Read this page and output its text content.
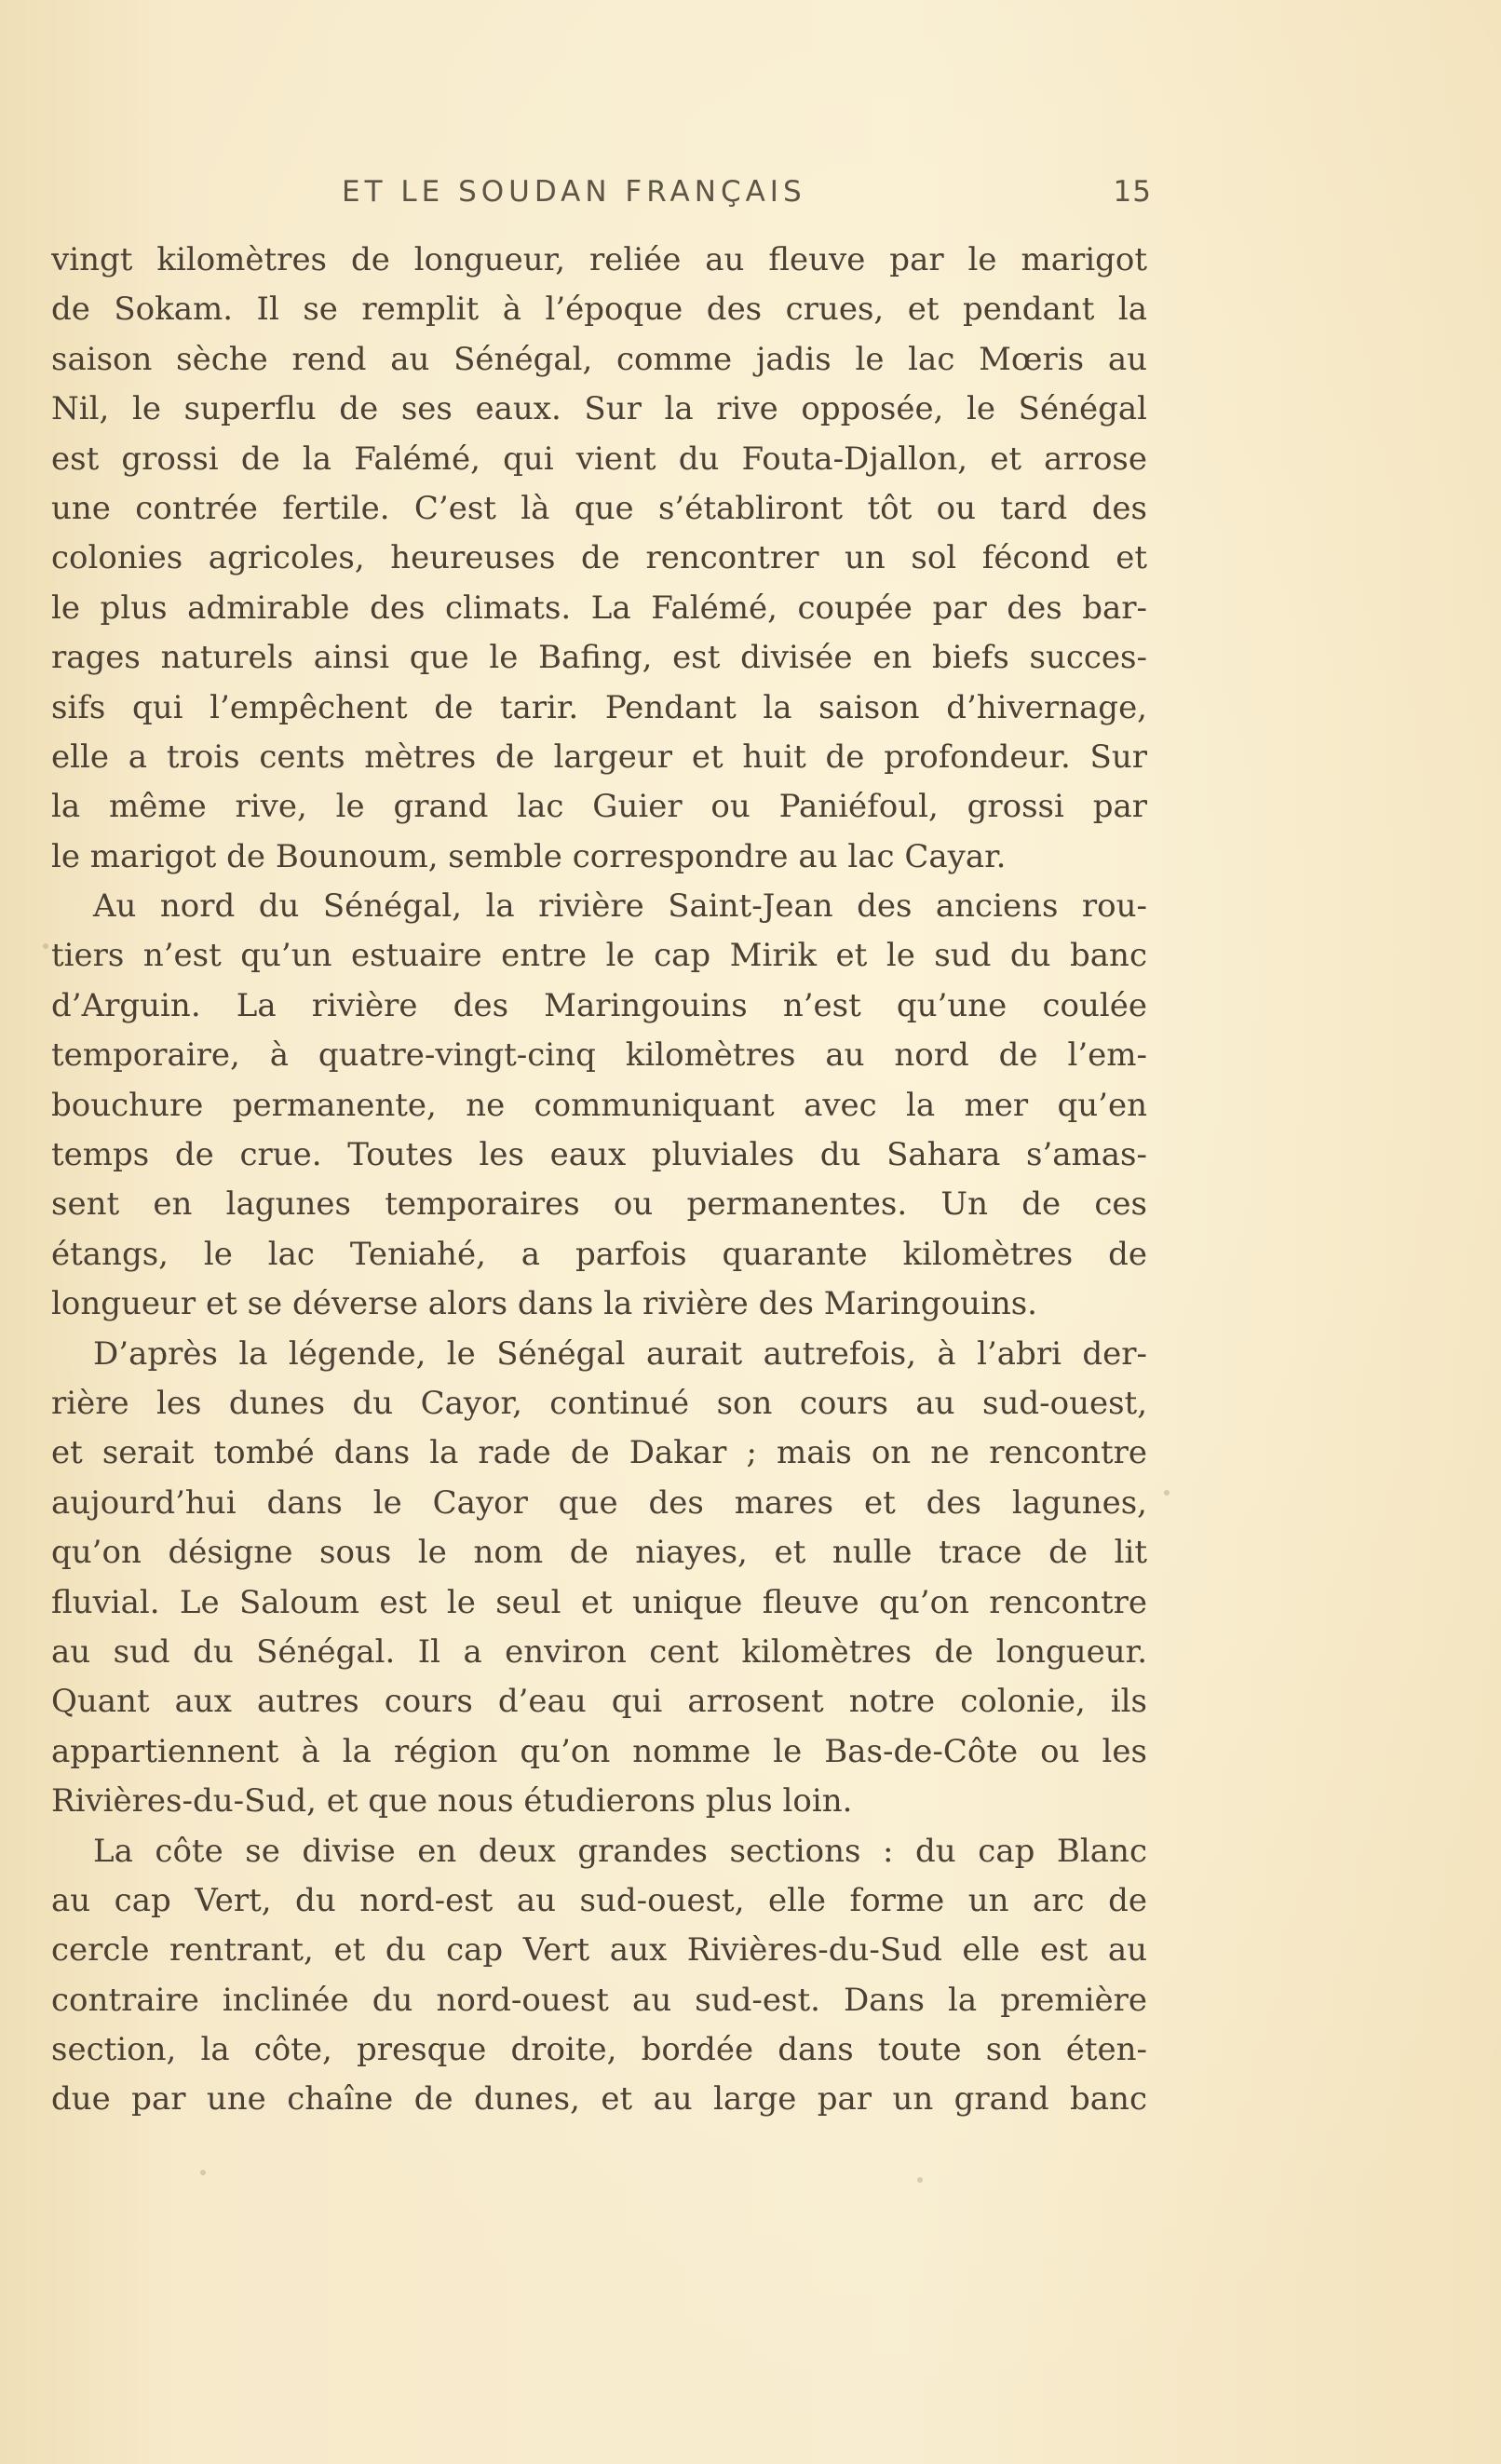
ET LE SOUDAN FRANÇAIS	15
vingt kilomètres de longueur, reliée au fleuve par le marigot
de Sokam. Il se remplit à l’époque des crues, et pendant la
saison sèche rend au Sénégal, comme jadis le lac Mœris au
Nil, le superflu de ses eaux. Sur la rive opposée, le Sénégal
est grossi de la Falémé, qui vient du Fouta-Djallon, et arrose
une contrée fertile. C’est là que s’établiront tôt ou tard des
colonies agricoles, heureuses de rencontrer un sol fécond et
le plus admirable des climats. La Falémé, coupée par des bar-
rages naturels ainsi que le Bafing, est divisée en biefs succes-
sifs qui l’empêchent de tarir. Pendant la saison d’hivernage,
elle a trois cents mètres de largeur et huit de profondeur. Sur
la même rive, le grand lac Guier ou Paniéfoul, grossi par
le marigot de Bounoum, semble correspondre au lac Cayar.
Au nord du Sénégal, la rivière Saint-Jean des anciens rou-
tiers n’est qu’un estuaire entre le cap Mirik et le sud du banc
d’Arguin. La rivière des Maringouins n’est qu’une coulée
temporaire, à quatre-vingt-cinq kilomètres au nord de l’em-
bouchure permanente, ne communiquant avec la mer qu’en
temps de crue. Toutes les eaux pluviales du Sahara s’amas-
sent en lagunes temporaires ou permanentes. Un de ces
étangs, le lac Teniahé, a parfois quarante kilomètres de
longueur et se déverse alors dans la rivière des Maringouins.
D’après la légende, le Sénégal aurait autrefois, à l’abri der-
rière les dunes du Cayor, continué son cours au sud-ouest,
et serait tombé dans la rade de Dakar ; mais on ne rencontre
aujourd’hui dans le Cayor que des mares et des lagunes,
qu’on désigne sous le nom de niayes, et nulle trace de lit
fluvial. Le Saloum est le seul et unique fleuve qu’on rencontre
au sud du Sénégal. Il a environ cent kilomètres de longueur.
Quant aux autres cours d’eau qui arrosent notre colonie, ils
appartiennent à la région qu’on nomme le Bas-de-Côte ou les
Rivières-du-Sud, et que nous étudierons plus loin.
La côte se divise en deux grandes sections : du cap Blanc
au cap Vert, du nord-est au sud-ouest, elle forme un arc de
cercle rentrant, et du cap Vert aux Rivières-du-Sud elle est au
contraire inclinée du nord-ouest au sud-est. Dans la première
section, la côte, presque droite, bordée dans toute son éten-
due par une chaîne de dunes, et au large par un grand banc
